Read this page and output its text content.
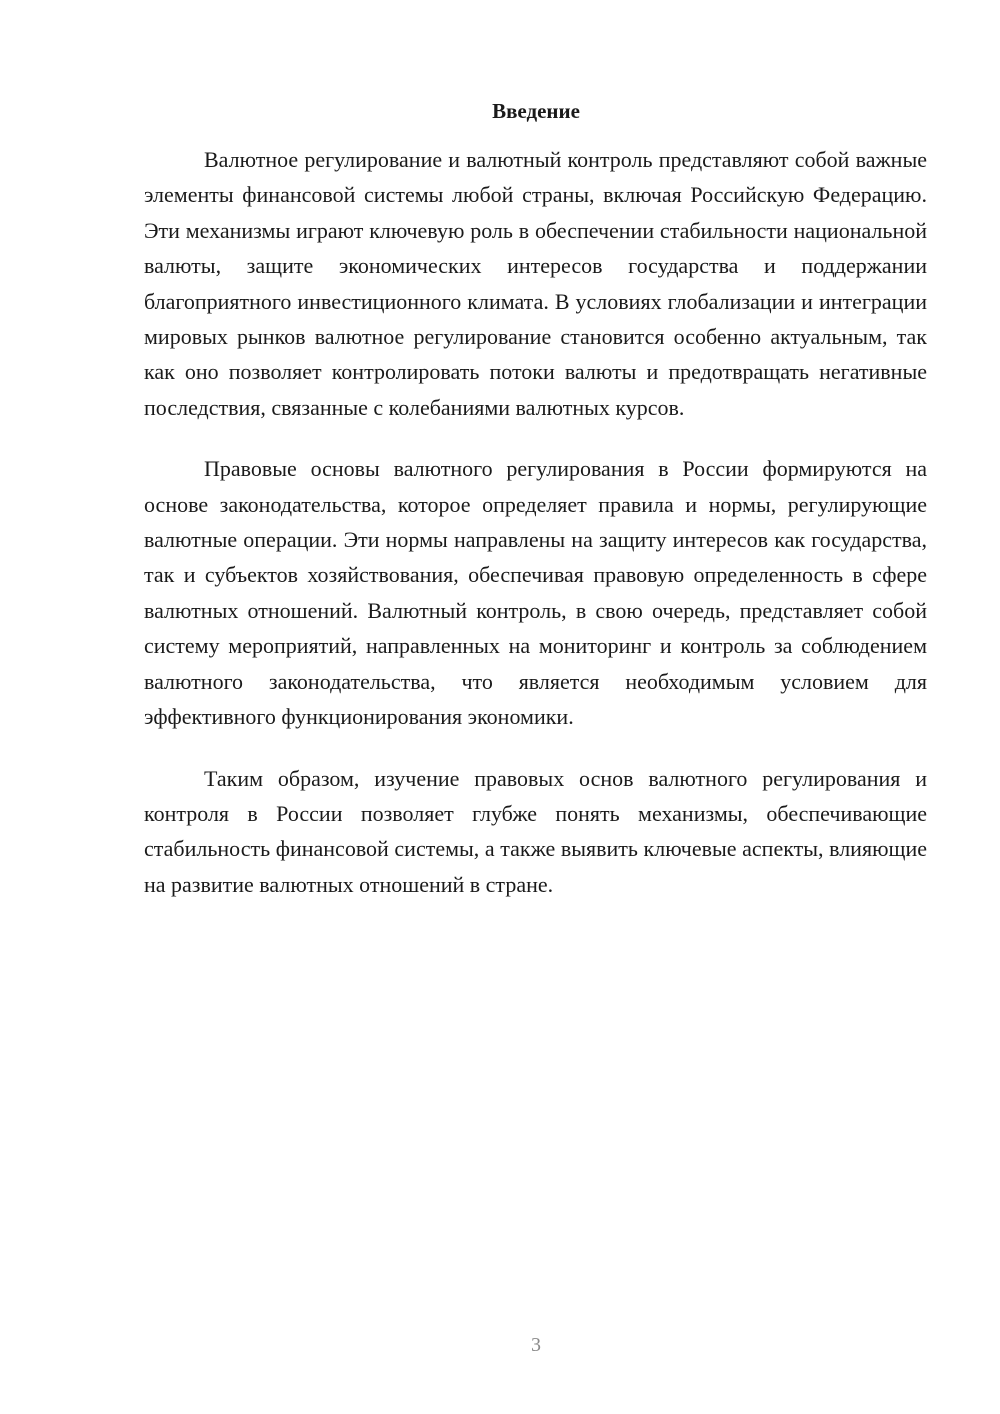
Введение

Валютное регулирование и валютный контроль представляют собой важные элементы финансовой системы любой страны, включая Российскую Федерацию. Эти механизмы играют ключевую роль в обеспечении стабильности национальной валюты, защите экономических интересов государства и поддержании благоприятного инвестиционного климата. В условиях глобализации и интеграции мировых рынков валютное регулирование становится особенно актуальным, так как оно позволяет контролировать потоки валюты и предотвращать негативные последствия, связанные с колебаниями валютных курсов.

Правовые основы валютного регулирования в России формируются на основе законодательства, которое определяет правила и нормы, регулирующие валютные операции. Эти нормы направлены на защиту интересов как государства, так и субъектов хозяйствования, обеспечивая правовую определенность в сфере валютных отношений. Валютный контроль, в свою очередь, представляет собой систему мероприятий, направленных на мониторинг и контроль за соблюдением валютного законодательства, что является необходимым условием для эффективного функционирования экономики.

Таким образом, изучение правовых основ валютного регулирования и контроля в России позволяет глубже понять механизмы, обеспечивающие стабильность финансовой системы, а также выявить ключевые аспекты, влияющие на развитие валютных отношений в стране.

3
